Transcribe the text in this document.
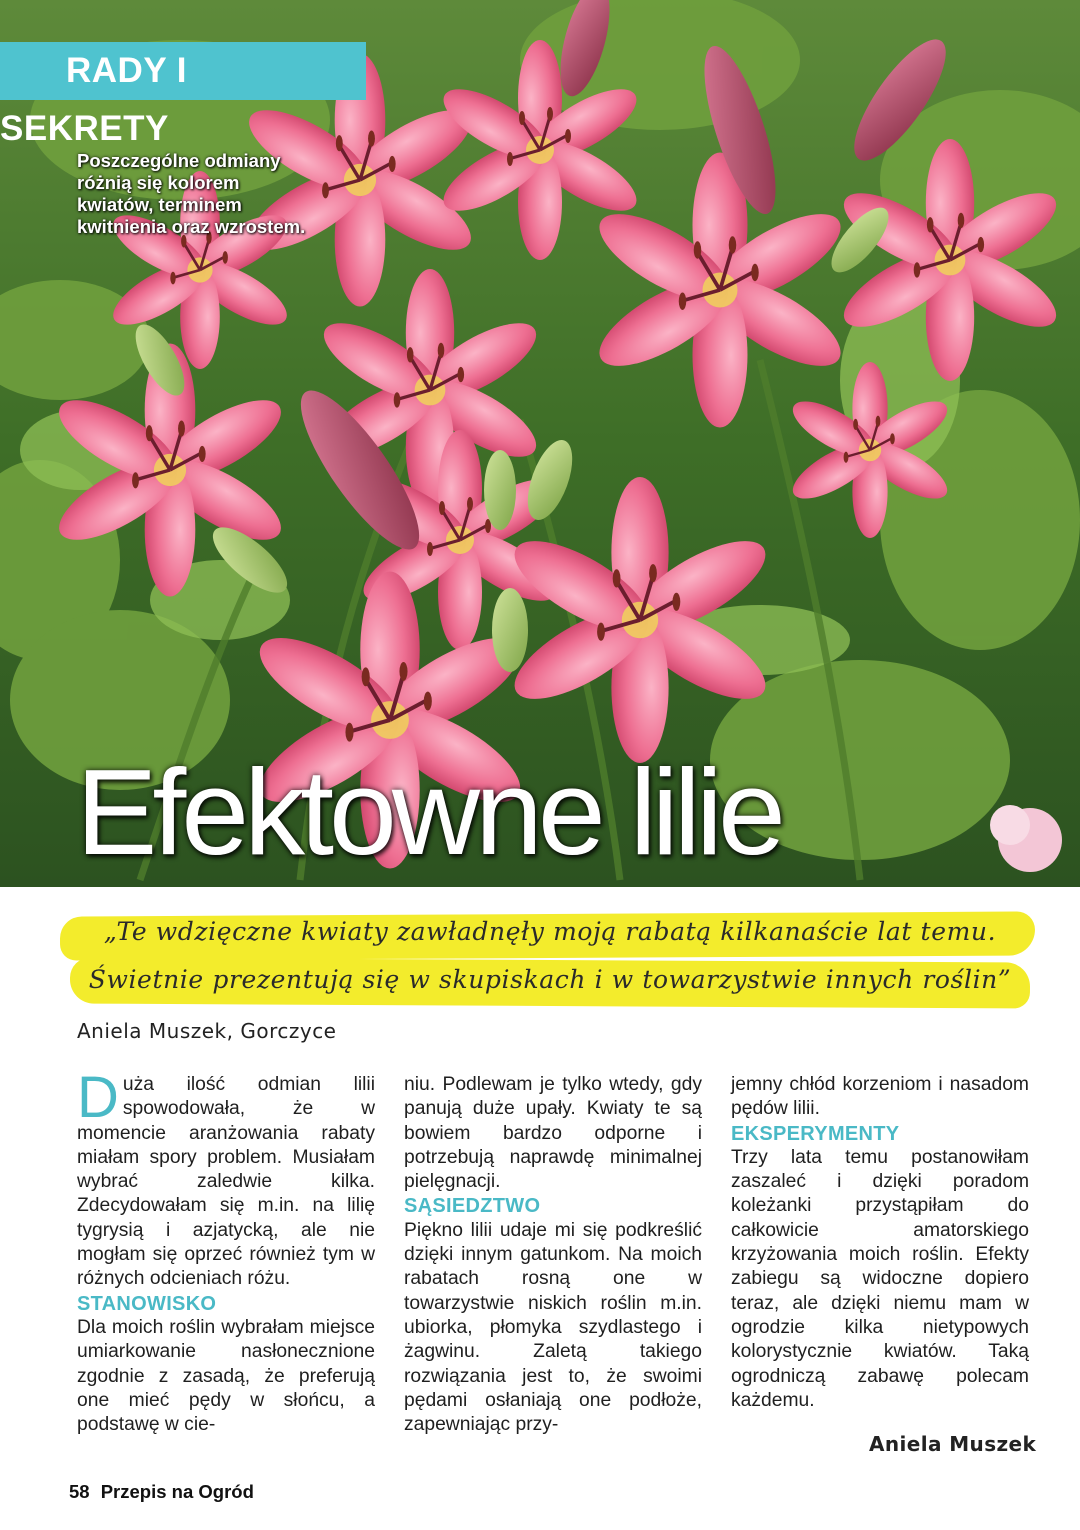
RADY I SEKRETY
Poszczególne odmiany różnią się kolorem kwiatów, terminem kwitnienia oraz wzrostem.
Efektowne lilie

„Te wdzięczne kwiaty zawładnęły moją rabatą kilkanaście lat temu.

Świetnie prezentują się w skupiskach i w towarzystwie innych roślin”

Aniela Muszek, Gorczyce

Duża ilość odmian lilii spowodowała, że w momencie aranżowania rabaty miałam spory problem. Musiałam wybrać zaledwie kilka. Zdecydowałam się m.in. na lilię tygrysią i azjatycką, ale nie mogłam się oprzeć również tym w różnych odcieniach różu.

STANOWISKO

Dla moich roślin wybrałam miejsce umiarkowanie nasłonecznione zgodnie z zasadą, że preferują one mieć pędy w słońcu, a podstawę w cie-

niu. Podlewam je tylko wtedy, gdy panują duże upały. Kwiaty te są bowiem bardzo odporne i potrzebują naprawdę minimalnej pielęgnacji.

SĄSIEDZTWO

Piękno lilii udaje mi się podkreślić dzięki innym gatunkom. Na moich rabatach rosną one w towarzystwie niskich roślin m.in. ubiorka, płomyka szydlastego i żagwinu. Zaletą takiego rozwiązania jest to, że swoimi pędami osłaniają one podłoże, zapewniając przy-

jemny chłód korzeniom i nasadom pędów lilii.

EKSPERYMENTY

Trzy lata temu postanowiłam zaszaleć i dzięki poradom koleżanki przystąpiłam do całkowicie amatorskiego krzyżowania moich roślin. Efekty zabiegu są widoczne dopiero teraz, ale dzięki niemu mam w ogrodzie kilka nietypowych kolorystycznie kwiatów. Taką ogrodniczą zabawę polecam każdemu.

Aniela Muszek
58 Przepis na Ogród
